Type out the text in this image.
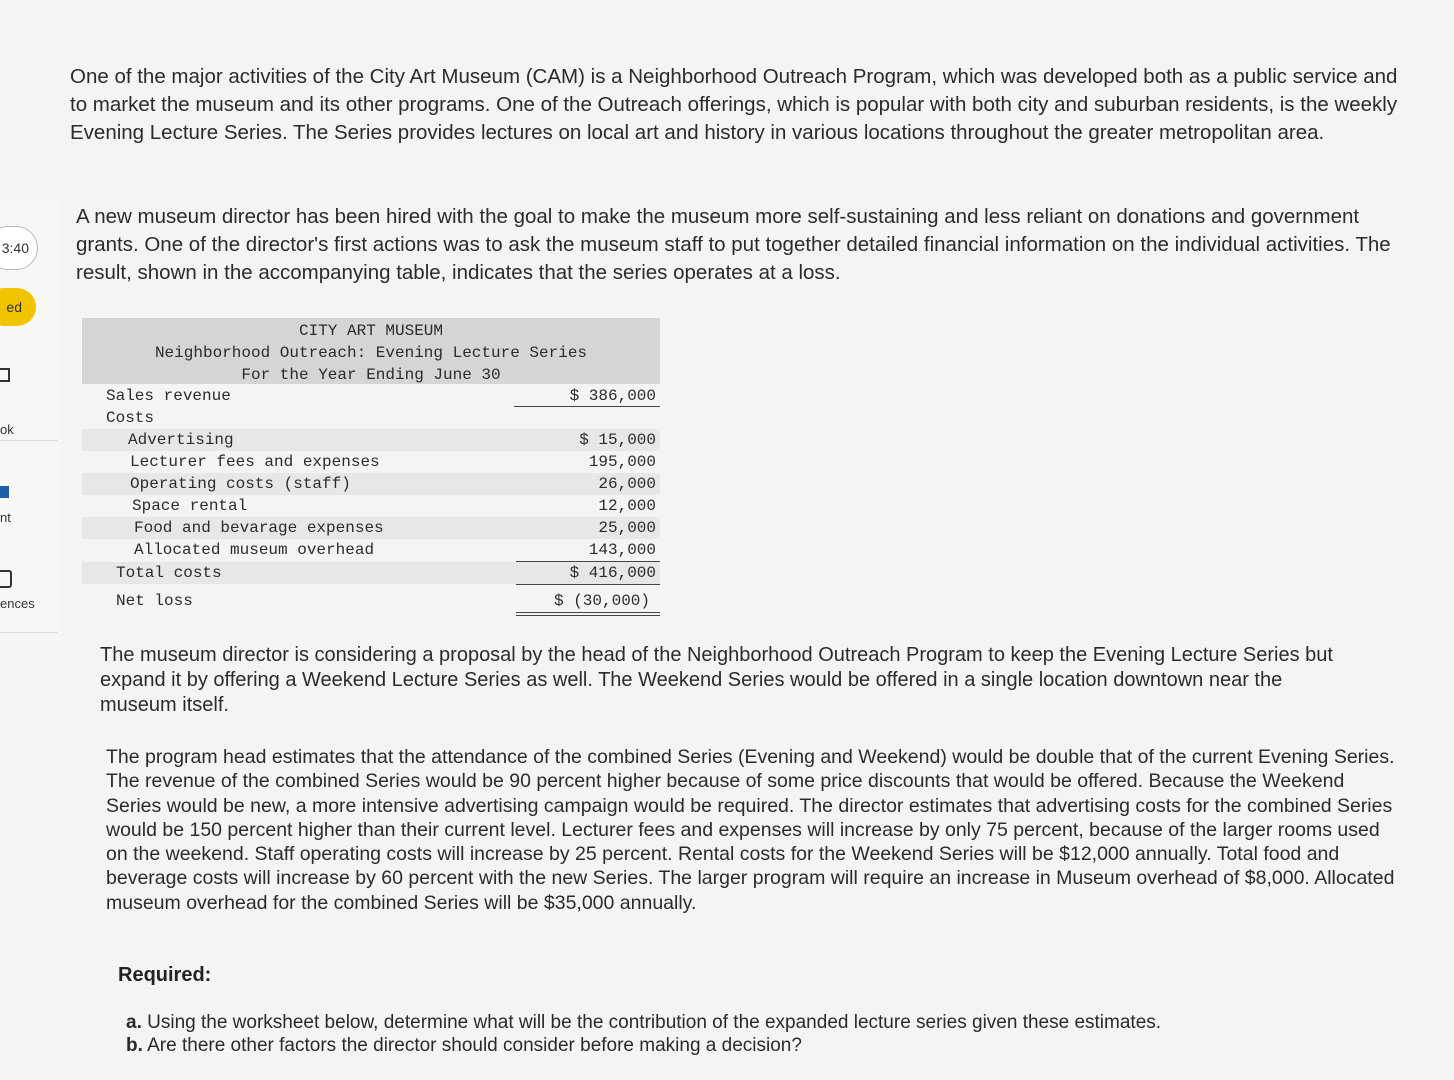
3:40
ed
ok
nt
ences

One of the major activities of the City Art Museum (CAM) is a Neighborhood Outreach Program, which was developed both as a public service and to market the museum and its other programs. One of the Outreach offerings, which is popular with both city and suburban residents, is the weekly Evening Lecture Series. The Series provides lectures on local art and history in various locations throughout the greater metropolitan area.

A new museum director has been hired with the goal to make the museum more self-sustaining and less reliant on donations and government grants. One of the director's first actions was to ask the museum staff to put together detailed financial information on the individual activities. The result, shown in the accompanying table, indicates that the series operates at a loss.

CITY ART MUSEUM
Neighborhood Outreach: Evening Lecture Series
For the Year Ending June 30
Sales revenue	$ 386,000
Costs
Advertising	$ 15,000
Lecturer fees and expenses	195,000
Operating costs (staff)	26,000
Space rental	12,000
Food and bevarage expenses	25,000
Allocated museum overhead	143,000
Total costs	$ 416,000
Net loss	$ (30,000)

The museum director is considering a proposal by the head of the Neighborhood Outreach Program to keep the Evening Lecture Series but expand it by offering a Weekend Lecture Series as well. The Weekend Series would be offered in a single location downtown near the museum itself.

The program head estimates that the attendance of the combined Series (Evening and Weekend) would be double that of the current Evening Series. The revenue of the combined Series would be 90 percent higher because of some price discounts that would be offered. Because the Weekend Series would be new, a more intensive advertising campaign would be required. The director estimates that advertising costs for the combined Series would be 150 percent higher than their current level. Lecturer fees and expenses will increase by only 75 percent, because of the larger rooms used on the weekend. Staff operating costs will increase by 25 percent. Rental costs for the Weekend Series will be $12,000 annually. Total food and beverage costs will increase by 60 percent with the new Series. The larger program will require an increase in Museum overhead of $8,000. Allocated museum overhead for the combined Series will be $35,000 annually.

Required:
a. Using the worksheet below, determine what will be the contribution of the expanded lecture series given these estimates.
b. Are there other factors the director should consider before making a decision?
